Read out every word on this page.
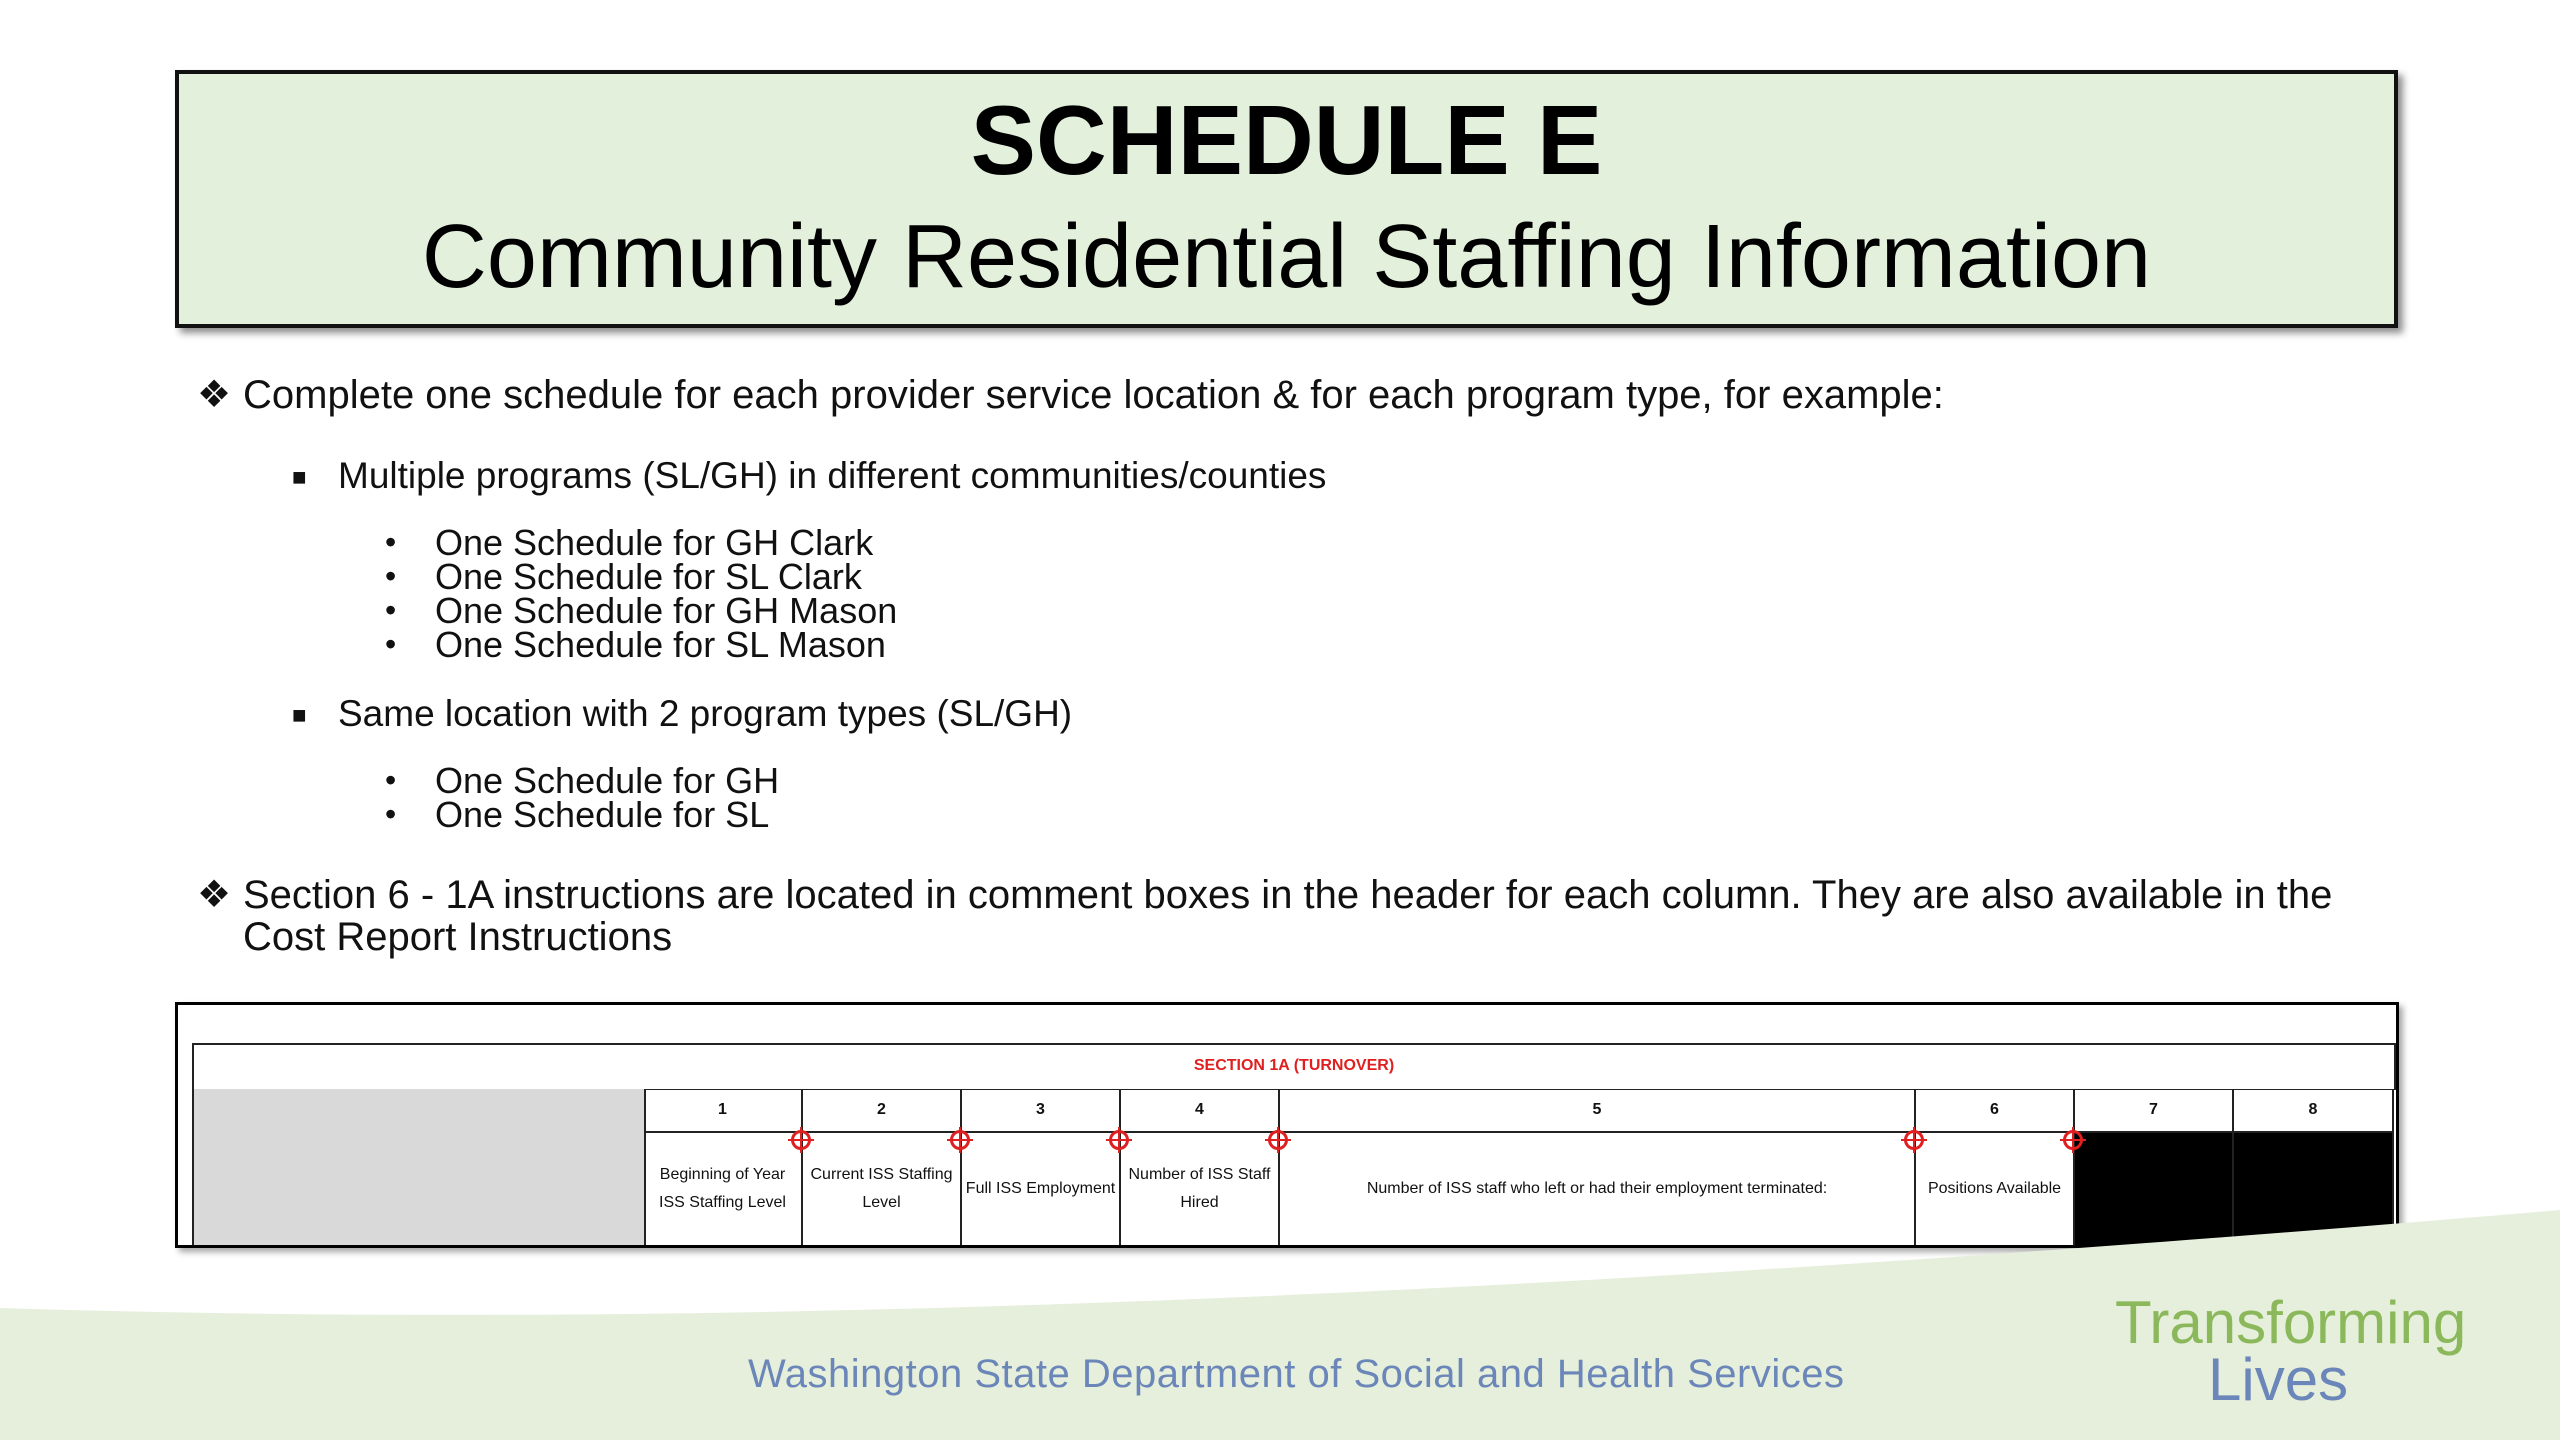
SCHEDULE E
Community Residential Staffing Information
❖ Complete one schedule for each provider service location & for each program type, for example:
■ Multiple programs (SL/GH) in different communities/counties
• One Schedule for GH Clark
• One Schedule for SL Clark
• One Schedule for GH Mason
• One Schedule for SL Mason
■ Same location with 2 program types (SL/GH)
• One Schedule for GH
• One Schedule for SL
❖ Section 6 - 1A instructions are located in comment boxes in the header for each column. They are also available in the Cost Report Instructions
SECTION 1A (TURNOVER)
1
Beginning of Year ISS Staffing Level
2
Current ISS Staffing Level
3
Full ISS Employment
4
Number of ISS Staff Hired
5
Number of ISS staff who left or had their employment terminated:
6
Positions Available
7	8
Washington State Department of Social and Health Services
Transforming
Lives
